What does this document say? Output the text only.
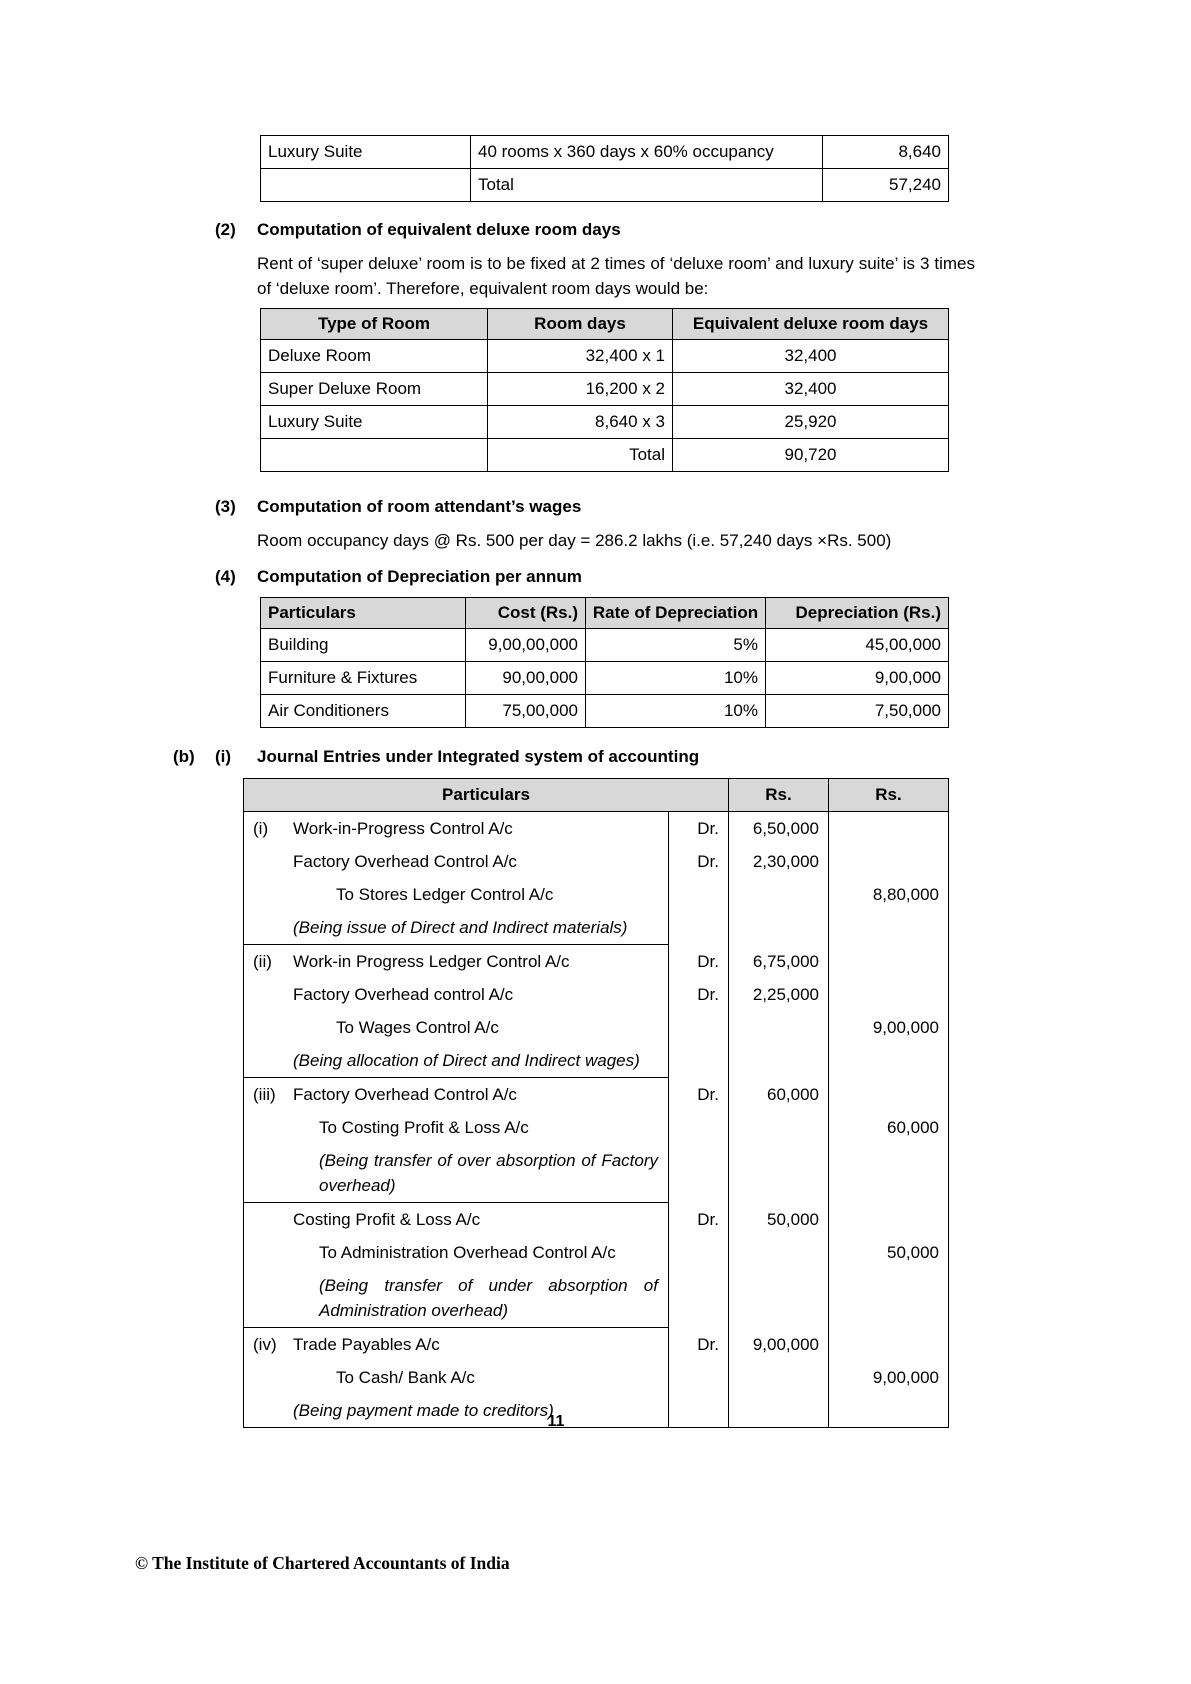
Luxury Suite	40 rooms x 360 days x 60% occupancy	8,640
	Total	57,240
(2) Computation of equivalent deluxe room days

Rent of ‘super deluxe’ room is to be fixed at 2 times of ‘deluxe room’ and luxury suite’ is 3 times of ‘deluxe room’. Therefore, equivalent room days would be:

Type of Room	Room days	Equivalent deluxe room days
Deluxe Room	32,400 x 1	32,400
Super Deluxe Room	16,200 x 2	32,400
Luxury Suite	8,640 x 3	25,920
	Total	90,720
(3) Computation of room attendant’s wages

Room occupancy days @ Rs. 500 per day = 286.2 lakhs (i.e. 57,240 days ×Rs. 500)

(4) Computation of Depreciation per annum
Particulars	Cost (Rs.)	Rate of Depreciation	Depreciation (Rs.)
Building	9,00,00,000	5%	45,00,000
Furniture & Fixtures	90,00,000	10%	9,00,000
Air Conditioners	75,00,000	10%	7,50,000
(b) (i) Journal Entries under Integrated system of accounting
Particulars		Rs.	Rs.

(i) Work-in-Progress Control A/c	Dr.	6,50,000	

Factory Overhead Control A/c	Dr.	2,30,000	

To Stores Ledger Control A/c			8,80,000

(Being issue of Direct and Indirect materials)			

(ii) Work-in Progress Ledger Control A/c	Dr.	6,75,000	

Factory Overhead control A/c	Dr.	2,25,000	

To Wages Control A/c			9,00,000

(Being allocation of Direct and Indirect wages)			

(iii) Factory Overhead Control A/c	Dr.	60,000	

To Costing Profit & Loss A/c			60,000

(Being transfer of over absorption of Factory overhead)			

Costing Profit & Loss A/c	Dr.	50,000	

To Administration Overhead Control A/c			50,000

(Being transfer of under absorption of Administration overhead)			

(iv) Trade Payables A/c	Dr.	9,00,000	

To Cash/ Bank A/c			9,00,000

(Being payment made to creditors)			

11
© The Institute of Chartered Accountants of India
